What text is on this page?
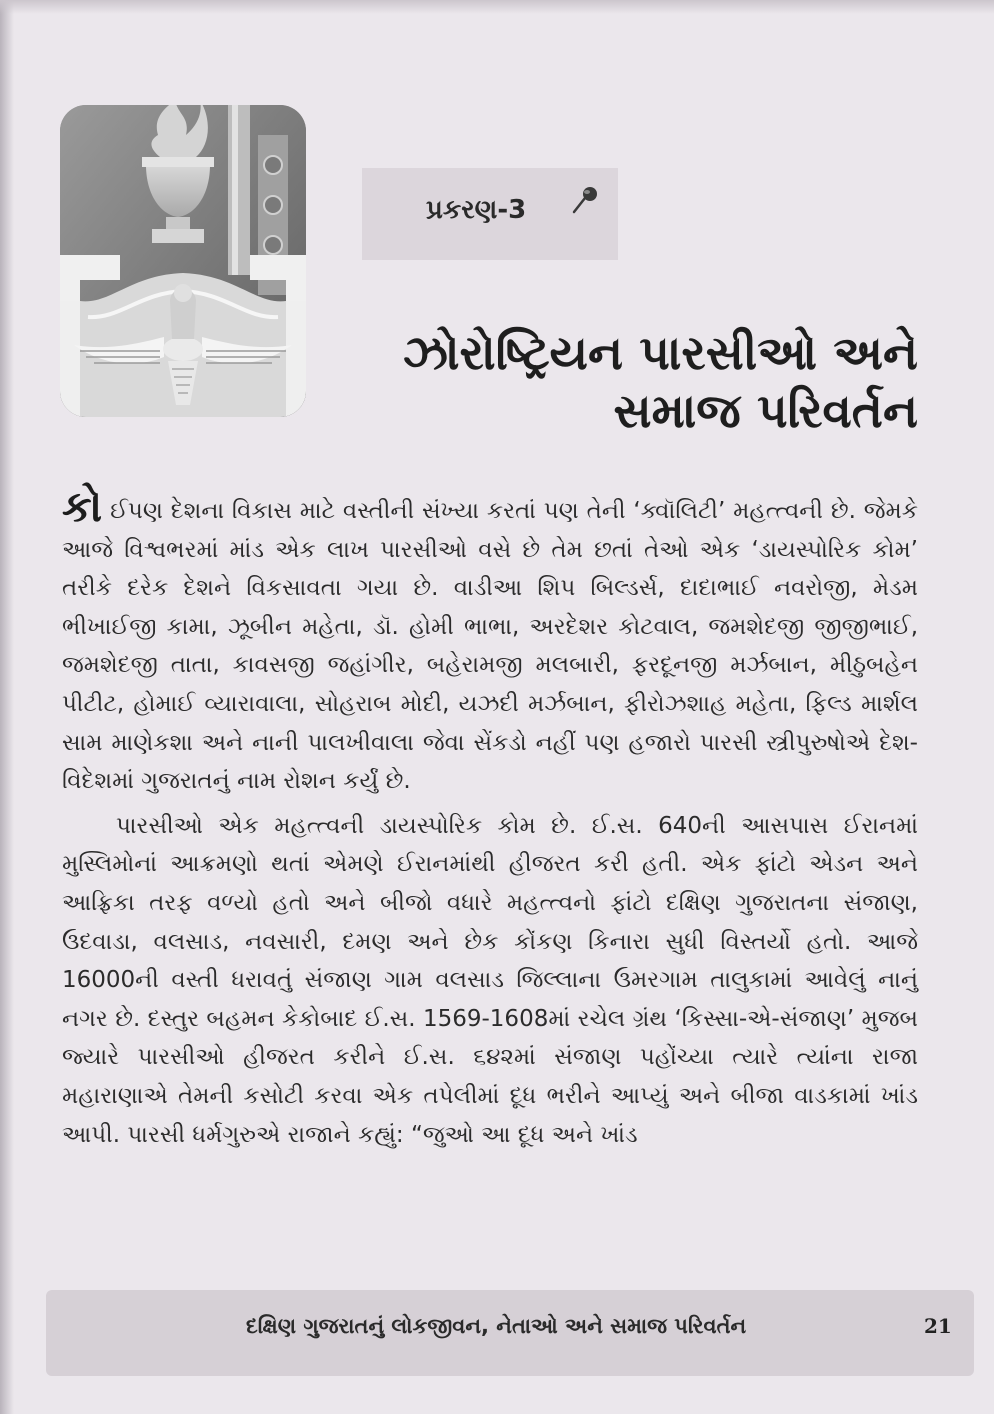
પ્રકરણ-3
ઝોરોષ્ટ્રિયન પારસીઓ અને
સમાજ પરિવર્તન

કોઈપણ દેશના વિકાસ માટે વસ્તીની સંખ્યા કરતાં પણ તેની ‘ક્વૉલિટી’ મહત્ત્વની છે. જેમકે આજે વિશ્વભરમાં માંડ એક લાખ પારસીઓ વસે છે તેમ છતાં તેઓ એક ‘ડાયસ્પોરિક કોમ’ તરીકે દરેક દેશને વિકસાવતા ગયા છે. વાડીઆ શિપ બિલ્ડર્સ, દાદાભાઈ નવરોજી, મેડમ ભીખાઈજી કામા, ઝૂબીન મહેતા, ડૉ. હોમી ભાભા, અરદેશર કોટવાલ, જમશેદજી જીજીભાઈ, જમશેદજી તાતા, કાવસજી જહાંગીર, બહેરામજી મલબારી, ફરદૂનજી મર્ઝબાન, મીઠુબહેન પીટીટ, હોમાઈ વ્યારાવાલા, સોહરાબ મોદી, યઝદી મર્ઝબાન, ફીરોઝશાહ મહેતા, ફિલ્ડ માર્શલ સામ માણેકશા અને નાની પાલખીવાલા જેવા સેંકડો નહીં પણ હજારો પારસી સ્ત્રીપુરુષોએ દેશ-વિદેશમાં ગુજરાતનું નામ રોશન કર્યું છે.

પારસીઓ એક મહત્ત્વની ડાયસ્પોરિક કોમ છે. ઈ.સ. 640ની આસપાસ ઈરાનમાં મુસ્લિમોનાં આક્રમણો થતાં એમણે ઈરાનમાંથી હીજરત કરી હતી. એક ફાંટો એડન અને આફ્રિકા તરફ વળ્યો હતો અને બીજો વધારે મહત્ત્વનો ફાંટો દક્ષિણ ગુજરાતના સંજાણ, ઉદવાડા, વલસાડ, નવસારી, દમણ અને છેક કોંકણ કિનારા સુધી વિસ્તર્યો હતો. આજે 16000ની વસ્તી ધરાવતું સંજાણ ગામ વલસાડ જિલ્લાના ઉમરગામ તાલુકામાં આવેલું નાનું નગર છે. દસ્તુર બહમન કેકોબાદ ઈ.સ. 1569-1608માં રચેલ ગ્રંથ ‘કિસ્સા-એ-સંજાણ’ મુજબ જ્યારે પારસીઓ હીજરત કરીને ઈ.સ. ૬૪૨માં સંજાણ પહોંચ્યા ત્યારે ત્યાંના રાજા મહારાણાએ તેમની કસોટી કરવા એક તપેલીમાં દૂધ ભરીને આપ્યું અને બીજા વાડકામાં ખાંડ આપી. પારસી ધર્મગુરુએ રાજાને કહ્યું: “જુઓ આ દૂધ અને ખાંડ

દક્ષિણ ગુજરાતનું લોકજીવન, નેતાઓ અને સમાજ પરિવર્તન	21
